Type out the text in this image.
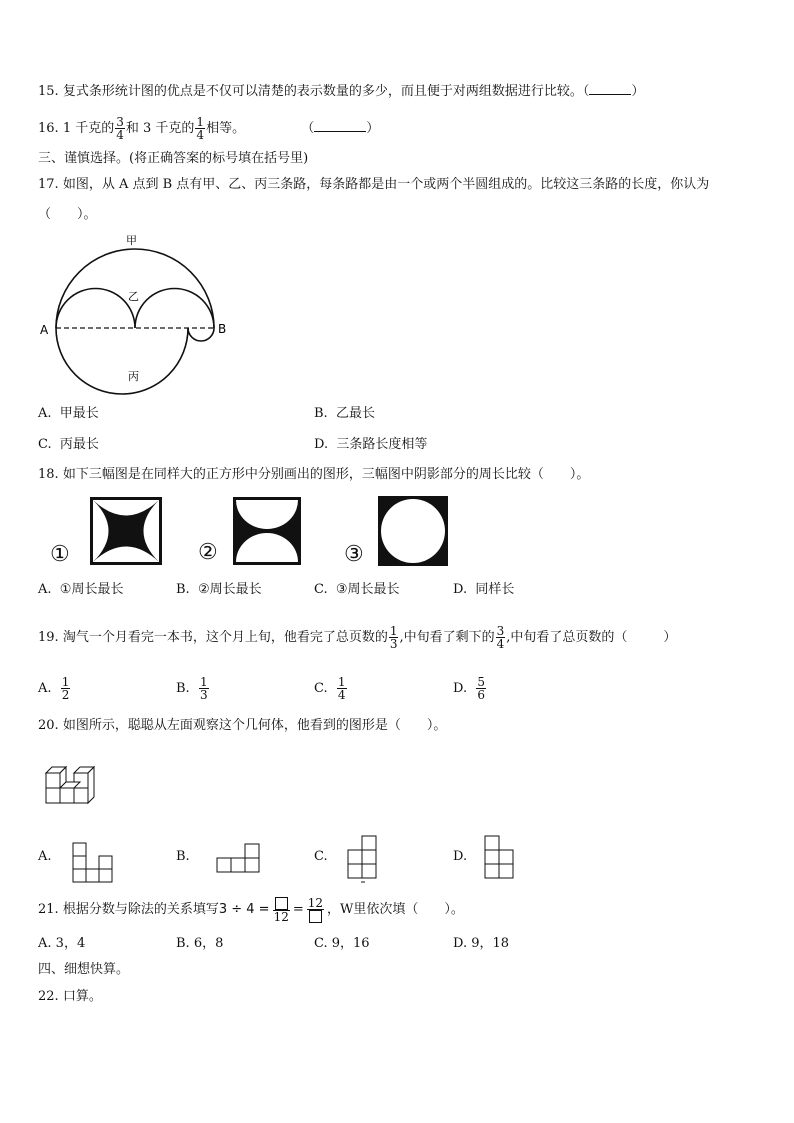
15. 复式条形统计图的优点是不仅可以清楚的表示数量的多少，而且便于对两组数据进行比较。（	）
16. 1 千克的 $\frac{3}{4}$ 和 3 千克的 $\frac{1}{4}$ 相等。	（	）
三、谨慎选择。(将正确答案的标号填在括号里)
17. 如图，从 A 点到 B 点有甲、乙、丙三条路，每条路都是由一个或两个半圆组成的。比较这三条路的长度，你认为
（　　）。
甲
乙
丙
A	B
A. 甲最长	B. 乙最长
C. 丙最长	D. 三条路长度相等
18. 如下三幅图是在同样大的正方形中分别画出的图形，三幅图中阴影部分的周长比较（　　）。
①	②	③
A. ①周长最长	B. ②周长最长	C. ③周长最长	D. 同样长
19. 淘气一个月看完一本书，这个月上旬，他看完了总页数的 $\frac{1}{3}$ ,中旬看了剩下的 $\frac{3}{4}$ ,中旬看了总页数的（	）
A. $\frac{1}{2}$	B. $\frac{1}{3}$	C. $\frac{1}{4}$	D. $\frac{5}{6}$
20. 如图所示，聪聪从左面观察这个几何体，他看到的图形是（　　）。
A.	B.	C.	D.
21. 根据分数与除法的关系填写3 ÷ 4 = 12 = 12 ，W里依次填（　　）。
A. 3，4	B. 6，8	C. 9，16	D. 9，18
四、细想快算。
22. 口算。
